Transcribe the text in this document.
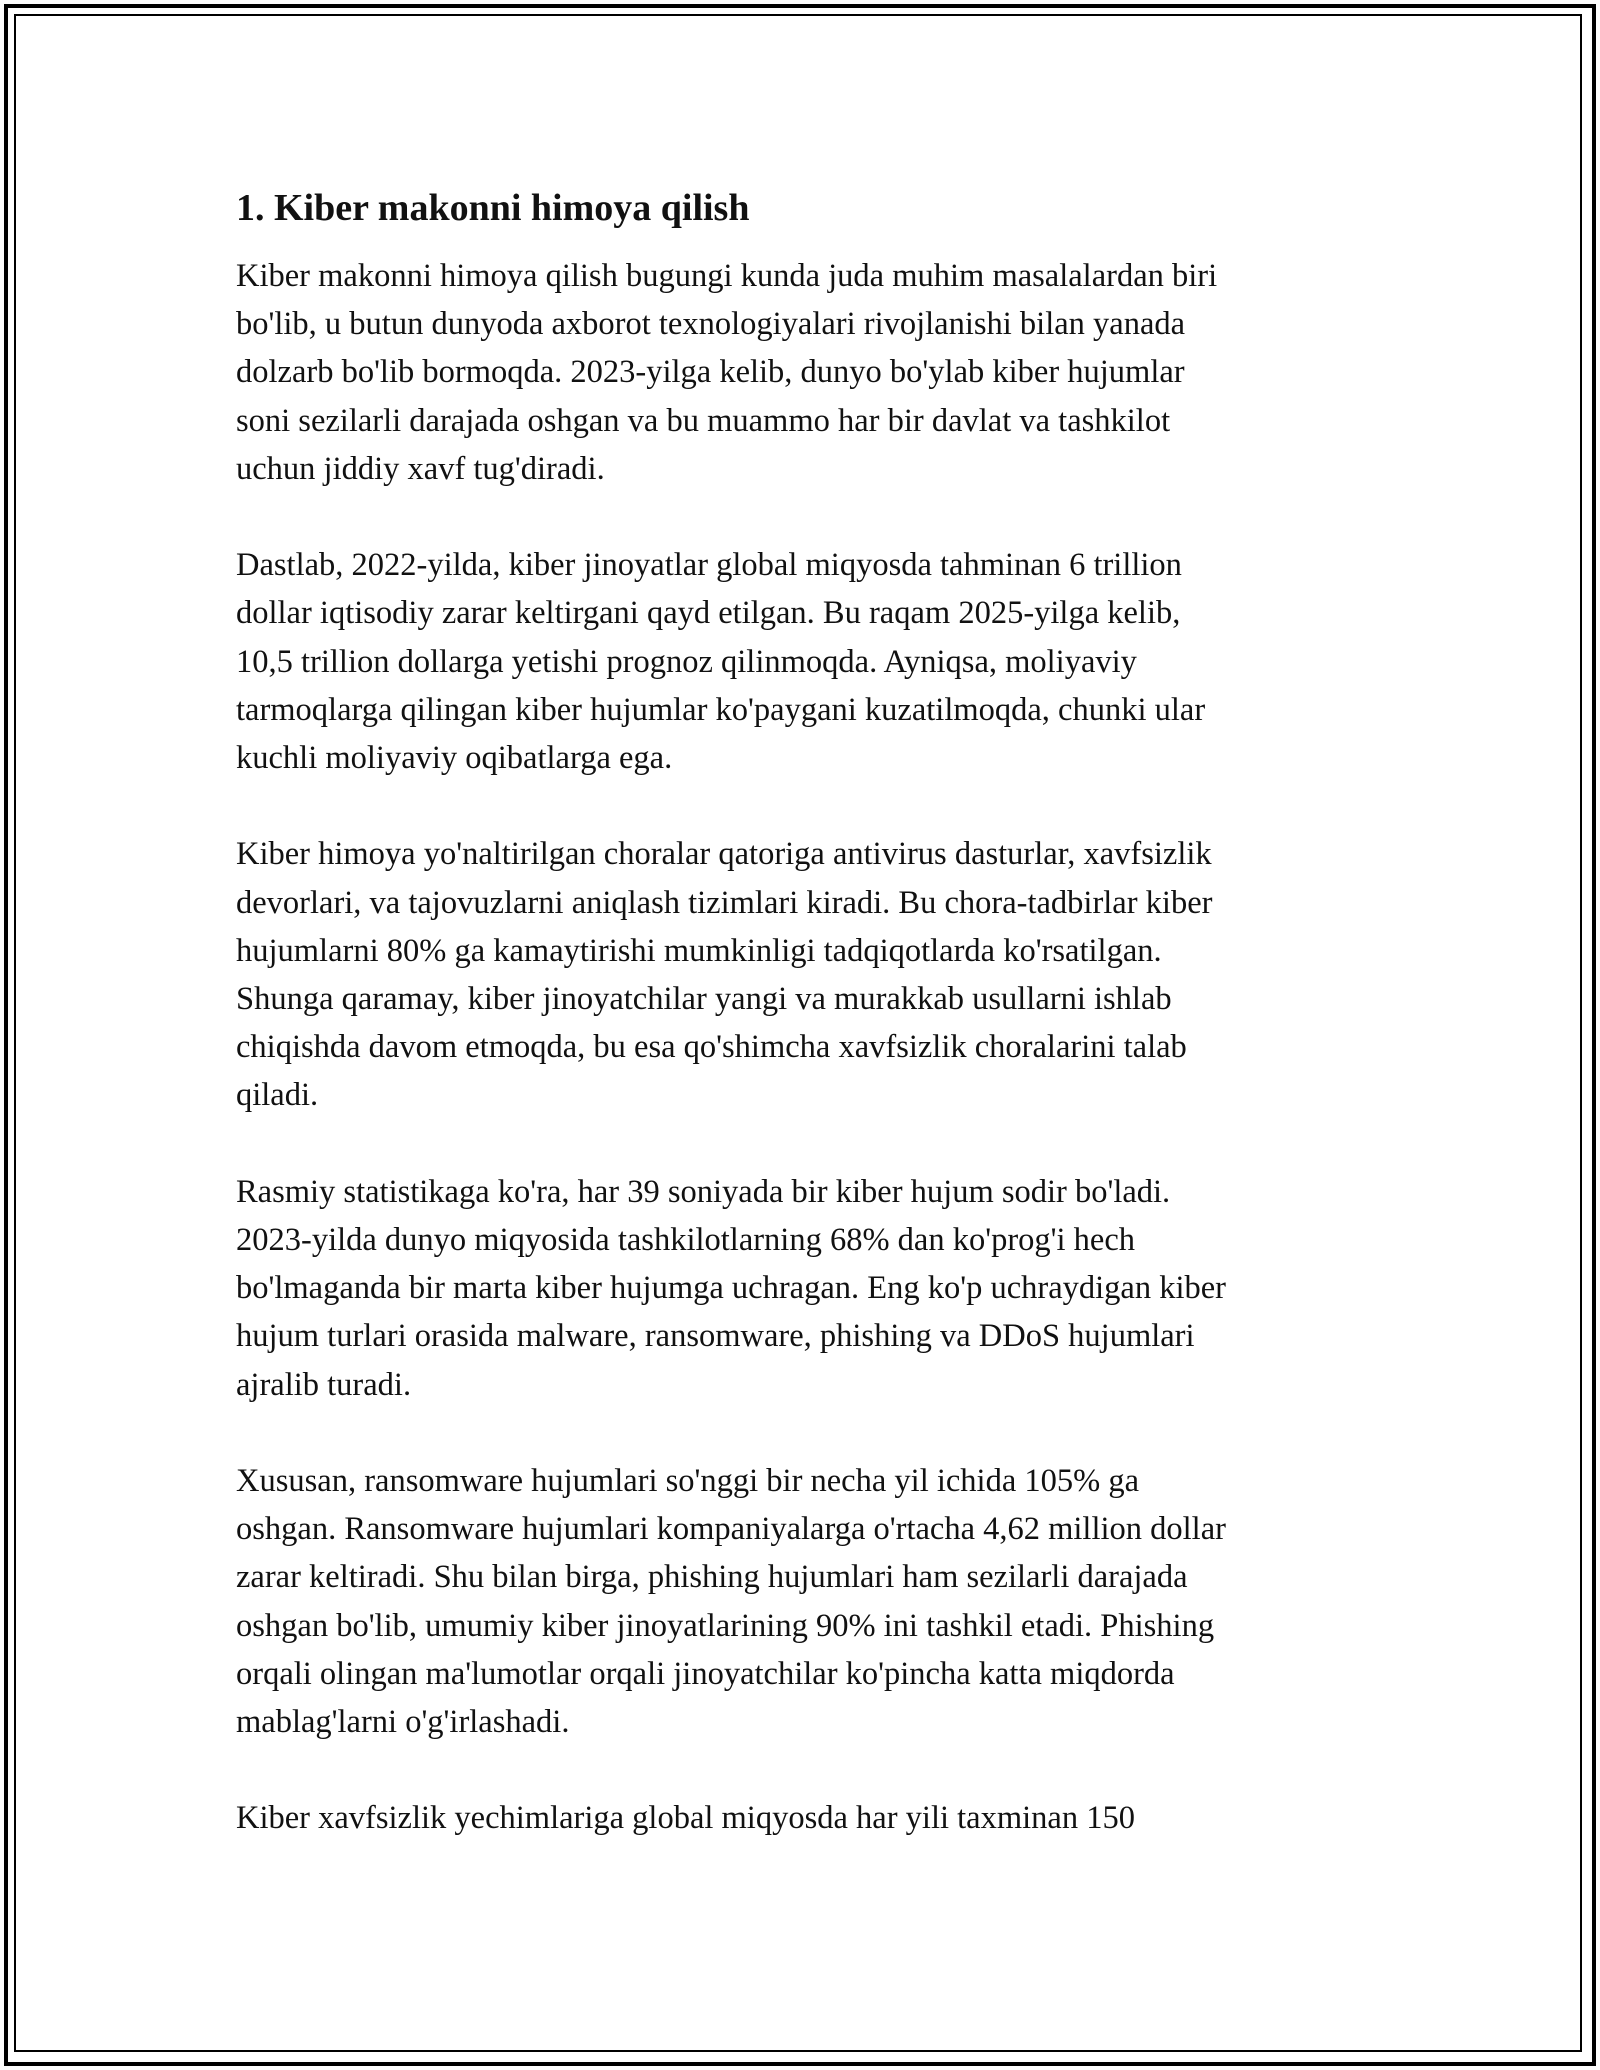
1. Kiber makonni himoya qilish

Kiber makonni himoya qilish bugungi kunda juda muhim masalalardan biri
bo'lib, u butun dunyoda axborot texnologiyalari rivojlanishi bilan yanada
dolzarb bo'lib bormoqda. 2023-yilga kelib, dunyo bo'ylab kiber hujumlar
soni sezilarli darajada oshgan va bu muammo har bir davlat va tashkilot
uchun jiddiy xavf tug'diradi.

Dastlab, 2022-yilda, kiber jinoyatlar global miqyosda tahminan 6 trillion
dollar iqtisodiy zarar keltirgani qayd etilgan. Bu raqam 2025-yilga kelib,
10,5 trillion dollarga yetishi prognoz qilinmoqda. Ayniqsa, moliyaviy
tarmoqlarga qilingan kiber hujumlar ko'paygani kuzatilmoqda, chunki ular
kuchli moliyaviy oqibatlarga ega.

Kiber himoya yo'naltirilgan choralar qatoriga antivirus dasturlar, xavfsizlik
devorlari, va tajovuzlarni aniqlash tizimlari kiradi. Bu chora-tadbirlar kiber
hujumlarni 80% ga kamaytirishi mumkinligi tadqiqotlarda ko'rsatilgan.
Shunga qaramay, kiber jinoyatchilar yangi va murakkab usullarni ishlab
chiqishda davom etmoqda, bu esa qo'shimcha xavfsizlik choralarini talab
qiladi.

Rasmiy statistikaga ko'ra, har 39 soniyada bir kiber hujum sodir bo'ladi.
2023-yilda dunyo miqyosida tashkilotlarning 68% dan ko'prog'i hech
bo'lmaganda bir marta kiber hujumga uchragan. Eng ko'p uchraydigan kiber
hujum turlari orasida malware, ransomware, phishing va DDoS hujumlari
ajralib turadi.

Xususan, ransomware hujumlari so'nggi bir necha yil ichida 105% ga
oshgan. Ransomware hujumlari kompaniyalarga o'rtacha 4,62 million dollar
zarar keltiradi. Shu bilan birga, phishing hujumlari ham sezilarli darajada
oshgan bo'lib, umumiy kiber jinoyatlarining 90% ini tashkil etadi. Phishing
orqali olingan ma'lumotlar orqali jinoyatchilar ko'pincha katta miqdorda
mablag'larni o'g'irlashadi.

Kiber xavfsizlik yechimlariga global miqyosda har yili taxminan 150
